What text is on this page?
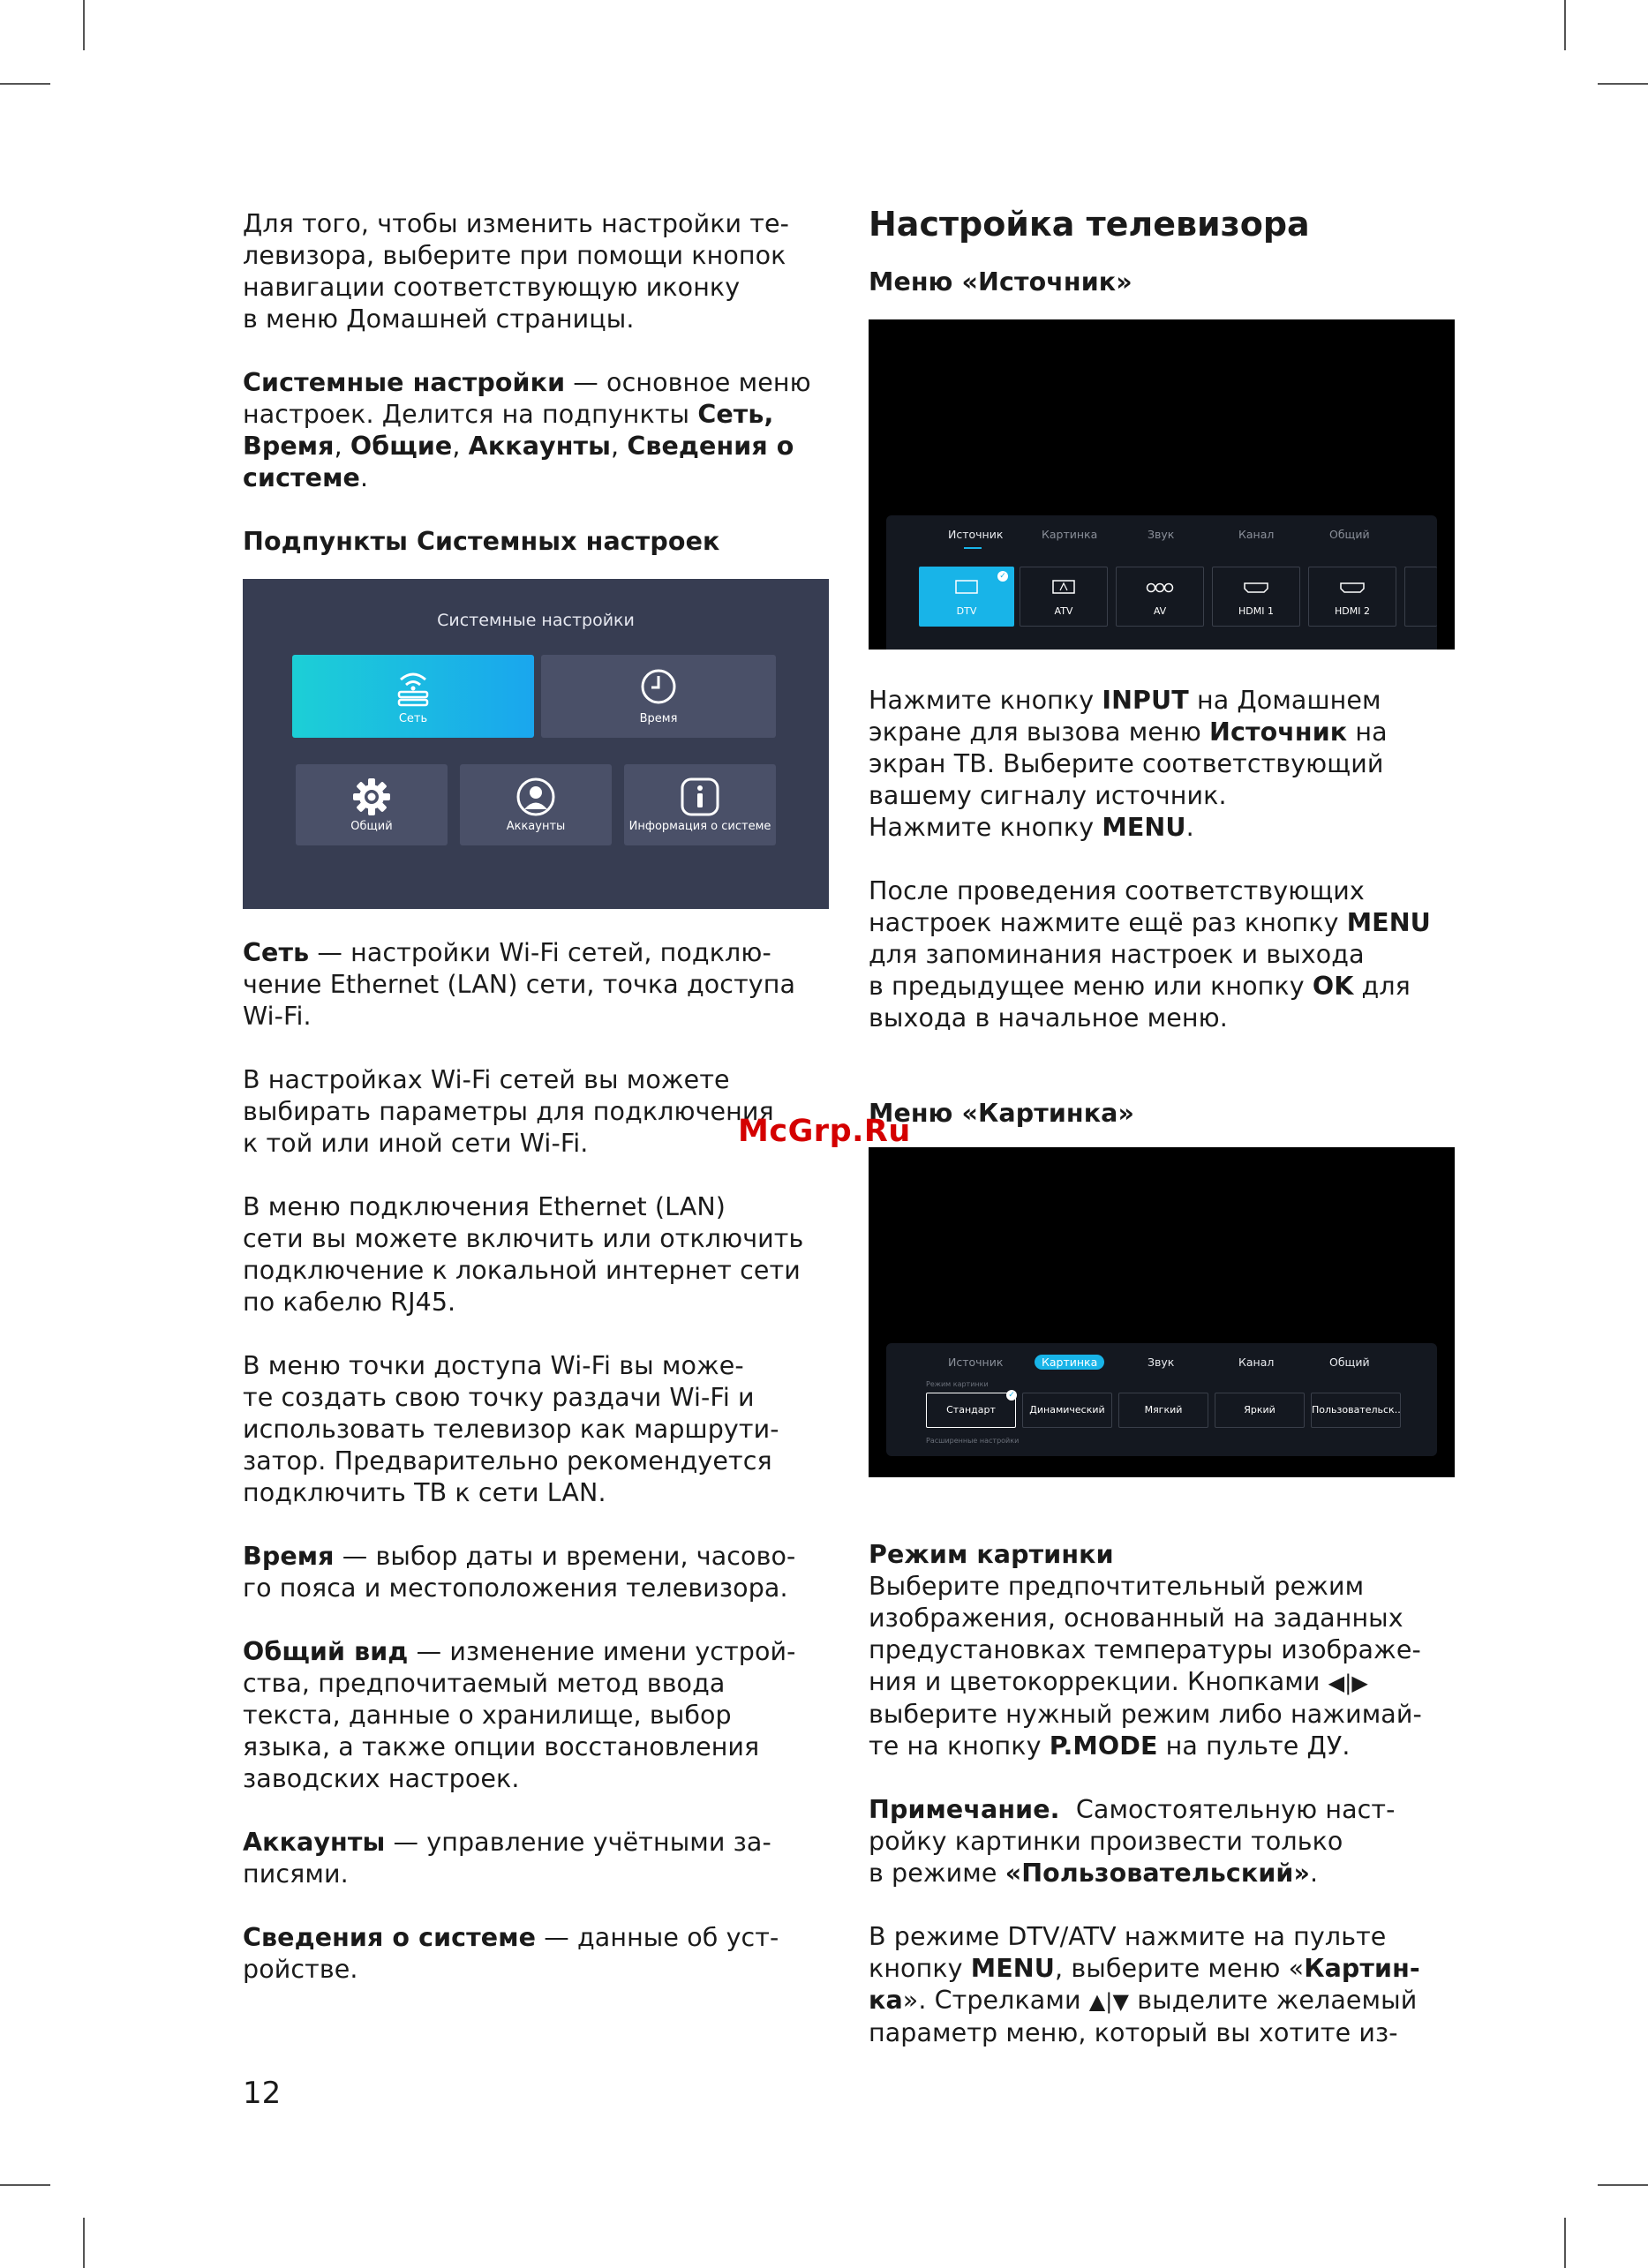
Для того, чтобы изменить настройки те-
левизора, выберите при помощи кнопок
навигации соответствующую иконку
в меню Домашней страницы.

Системные настройки — основное меню
настроек. Делится на подпункты Сеть,
Время, Общие, Аккаунты, Сведения о
системе.

Подпункты Системных настроек
Системные настройки
Сеть	Время
Общий	Аккаунты	Информация о системе

Сеть — настройки Wi-Fi сетей, подклю-
чение Ethernet (LAN) сети, точка доступа
Wi-Fi.

В настройках Wi-Fi сетей вы можете
выбирать параметры для подключения
к той или иной сети Wi-Fi.

В меню подключения Ethernet (LAN)
сети вы можете включить или отключить
подключение к локальной интернет сети
по кабелю RJ45.

В меню точки доступа Wi-Fi вы може-
те создать свою точку раздачи Wi-Fi и
использовать телевизор как маршрути-
затор. Предварительно рекомендуется
подключить ТВ к сети LAN.

Время — выбор даты и времени, часово-
го пояса и местоположения телевизора.

Общий вид — изменение имени устрой-
ства, предпочитаемый метод ввода
текста, данные о хранилище, выбор
языка, а также опции восстановления
заводских настроек.

Аккаунты — управление учётными за-
писями.

Сведения о системе — данные об уст-
ройстве.

Настройка телевизора
Меню «Источник»
Источник	Картинка	Звук	Канал	Общий
✓
DTV	ATV	AV	HDMI 1	HDMI 2

Нажмите кнопку INPUT на Домашнем
экране для вызова меню Источник на
экран ТВ. Выберите соответствующий
вашему сигналу источник.
Нажмите кнопку MENU.

После проведения соответствующих
настроек нажмите ещё раз кнопку MENU
для запоминания настроек и выхода
в предыдущее меню или кнопку OK для
выхода в начальное меню.

Меню «Картинка»
Источник	Картинка	Звук	Канал	Общий
Режим картинки
✓
Стандарт	Динамический	Мягкий	Яркий	Пользовательск..
Расширенные настройки

Режим картинки
Выберите предпочтительный режим
изображения, основанный на заданных
предустановках температуры изображе-
ния и цветокоррекции. Кнопками ◀|▶
выберите нужный режим либо нажимай-
те на кнопку P.MODE на пульте ДУ.

Примечание.  Самостоятельную наст-
ройку картинки произвести только
в режиме «Пользовательский».

В режиме DTV/ATV нажмите на пульте
кнопку MENU, выберите меню «Картин-
ка». Стрелками ▲|▼ выделите желаемый
параметр меню, который вы хотите из-

McGrp.Ru
12
